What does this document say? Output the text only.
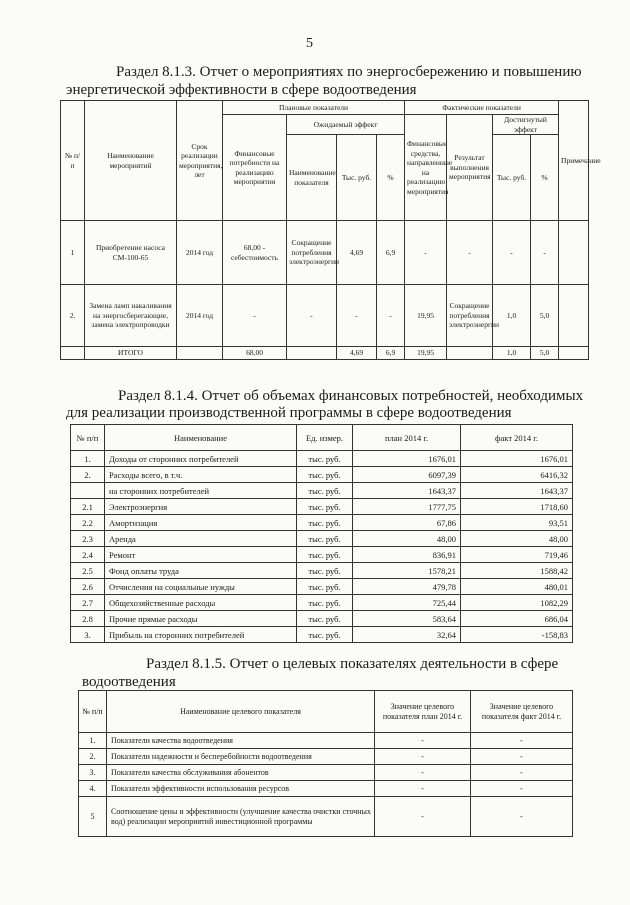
5
Раздел 8.1.3. Отчет о мероприятиях по энергосбережению и повышению
энергетической эффективности в сфере водоотведения
№ п/п	Наименование мероприятий	Срок реализации мероприятия, лет	Плановые показатели				Фактические показатели				Примечание
			Финансовые потребности на реализацию мероприятия	Ожидаемый эффект			Финансовые средства, направленные на реализацию мероприятия	Результат выполнения мероприятия	Достигнутый эффект		
				Наименование показателя	Тыс. руб.	%			Тыс. руб.	%	
1	Приобретение насоса СМ-100-65	2014 год	68,00 - себестоимость	Сокращение потребления электроэнергии	4,69	6,9	-	-	-	-	
2.	Замена ламп накаливания на энергосберегающие, замена электропроводки	2014 год	-	-	-	-	19,95	Сокращение потребления электроэнергии	1,0	5,0	
	ИТОГО		68,00		4,69	6,9	19,95		1,0	5,0	
Раздел 8.1.4. Отчет об объемах финансовых потребностей, необходимых
для реализации производственной программы в сфере водоотведения
№ п/п	Наименование	Ед. измер.	план 2014 г.	факт 2014 г.
1.	Доходы от сторонних потребителей	тыс. руб.	1676,01	1676,01
2.	Расходы всего, в т.ч.	тыс. руб.	6097,39	6416,32
	на сторонних потребителей	тыс. руб.	1643,37	1643,37
2.1	Электроэнергия	тыс. руб.	1777,75	1718,60
2.2	Амортизация	тыс. руб.	67,86	93,51
2.3	Аренда	тыс. руб.	48,00	48,00
2.4	Ремонт	тыс. руб.	836,91	719,46
2.5	Фонд оплаты труда	тыс. руб.	1578,21	1588,42
2.6	Отчисления на социальные нужды	тыс. руб.	479,78	480,01
2.7	Общехозяйственные расходы	тыс. руб.	725,44	1082,29
2.8	Прочие прямые расходы	тыс. руб.	583,64	686,04
3.	Прибыль на сторонних потребителей	тыс. руб.	32,64	-158,83
Раздел 8.1.5. Отчет о целевых показателях деятельности в сфере
водоотведения
№ п/п	Наименование целевого показателя	Значение целевого показателя план 2014 г.	Значение целевого показателя факт 2014 г.
1.	Показатели качества водоотведения	-	-
2.	Показатели надежности и бесперебойности водоотведения	-	-
3.	Показатели качества обслуживания абонентов	-	-
4.	Показатели эффективности использования ресурсов	-	-
5	Соотношение цены и эффективности (улучшение качества очистки сточных вод) реализации мероприятий инвестиционной программы	-	-
